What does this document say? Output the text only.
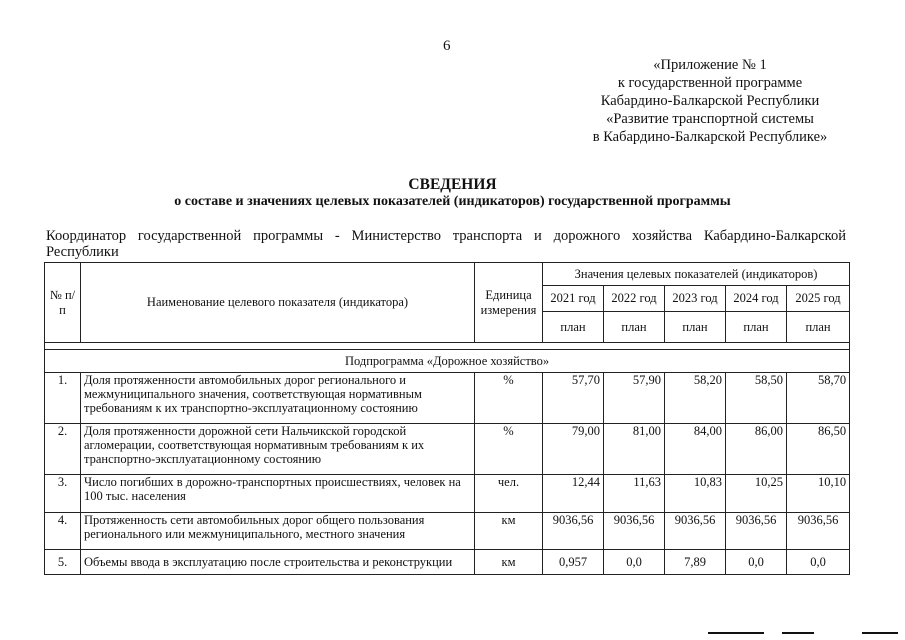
6
«Приложение № 1
к государственной программе
Кабардино-Балкарской Республики
«Развитие транспортной системы
в Кабардино-Балкарской Республике»
СВЕДЕНИЯ
о составе и значениях целевых показателей (индикаторов) государственной программы
Координатор государственной программы - Министерство транспорта и дорожного хозяйства Кабардино-Балкарской Республики
№ п/п	Наименование целевого показателя (индикатора)	Единица измерения	Значения целевых показателей (индикаторов)				
			2021 год	2022 год	2023 год	2024 год	2025 год
			план	план	план	план	план

Подпрограмма «Дорожное хозяйство»							
1.	Доля протяженности автомобильных дорог регионального и межмуниципального значения, соответствующая нормативным требованиям к их транспортно-эксплуатационному состоянию	%	57,70	57,90	58,20	58,50	58,70
2.	Доля протяженности дорожной сети Нальчикской городской агломерации, соответствующая нормативным требованиям к их транспортно-эксплуатационному состоянию	%	79,00	81,00	84,00	86,00	86,50
3.	Число погибших в дорожно-транспортных происшествиях, человек на 100 тыс. населения	чел.	12,44	11,63	10,83	10,25	10,10
4.	Протяженность сети автомобильных дорог общего пользования регионального или межмуниципального, местного значения	км	9036,56	9036,56	9036,56	9036,56	9036,56
5.	Объемы ввода в эксплуатацию после строительства и реконструкции	км	0,957	0,0	7,89	0,0	0,0
